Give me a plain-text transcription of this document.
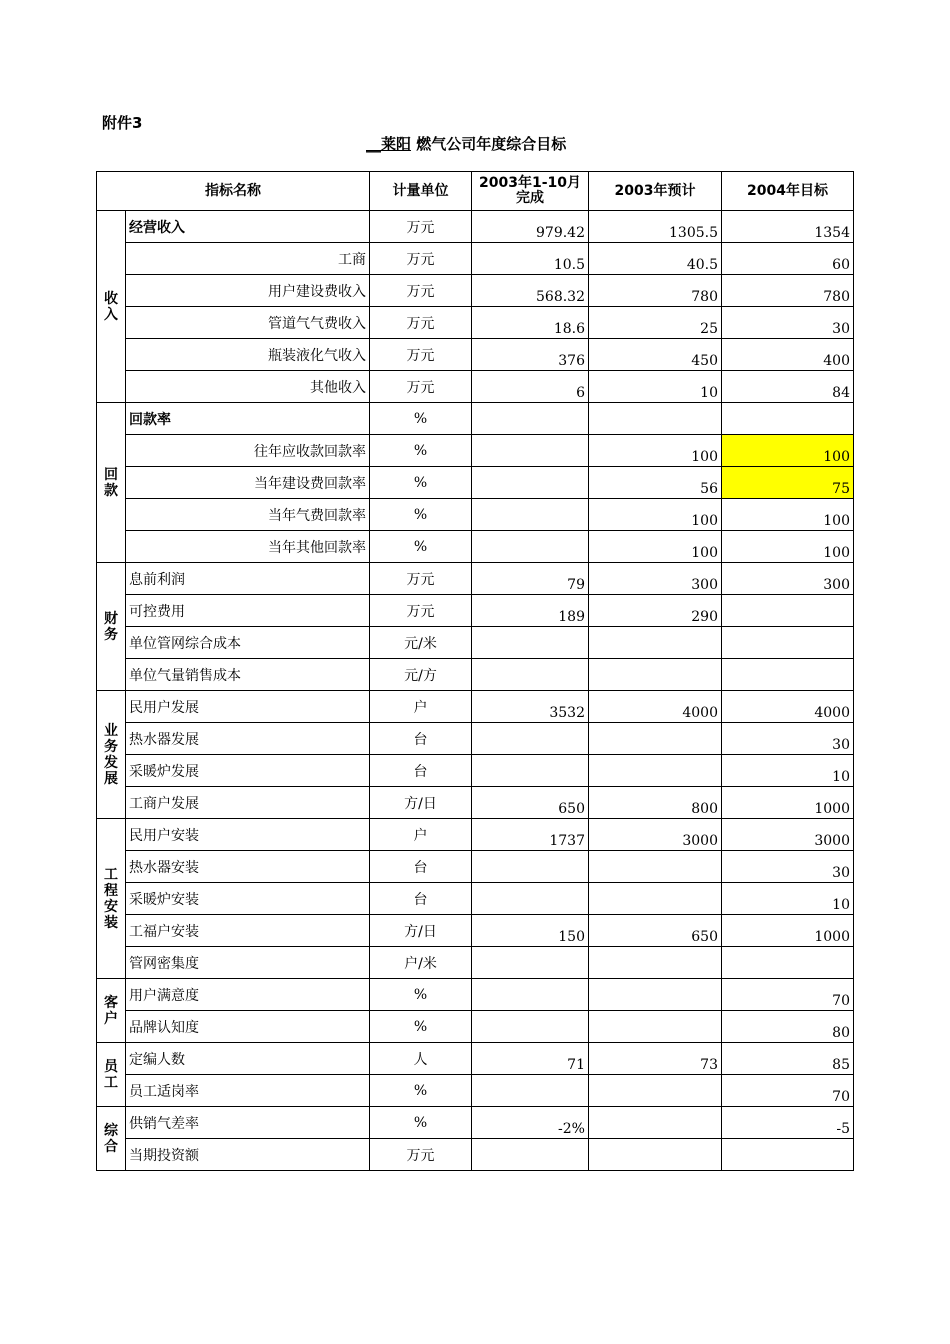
附件3
__莱阳 燃气公司年度综合目标
指标名称		计量单位	2003年1-10月完成	2003年预计	2004年目标
收入	经营收入	万元	979.42	1305.5	1354
	工商	万元	10.5	40.5	60
	用户建设费收入	万元	568.32	780	780
	管道气气费收入	万元	18.6	25	30
	瓶装液化气收入	万元	376	450	400
	其他收入	万元	6	10	84
回款	回款率	%			
	往年应收款回款率	%		100	100
	当年建设费回款率	%		56	75
	当年气费回款率	%		100	100
	当年其他回款率	%		100	100
财务	息前利润	万元	79	300	300
	可控费用	万元	189	290	
	单位管网综合成本	元/米			
	单位气量销售成本	元/方			
业务发展	民用户发展	户	3532	4000	4000
	热水器发展	台			30
	采暖炉发展	台			10
	工商户发展	方/日	650	800	1000
工程安装	民用户安装	户	1737	3000	3000
	热水器安装	台			30
	采暖炉安装	台			10
	工福户安装	方/日	150	650	1000
	管网密集度	户/米			
客户	用户满意度	%			70
	品牌认知度	%			80
员工	定编人数	人	71	73	85
	员工适岗率	%			70
综合	供销气差率	%	-2%		-5
	当期投资额	万元			
